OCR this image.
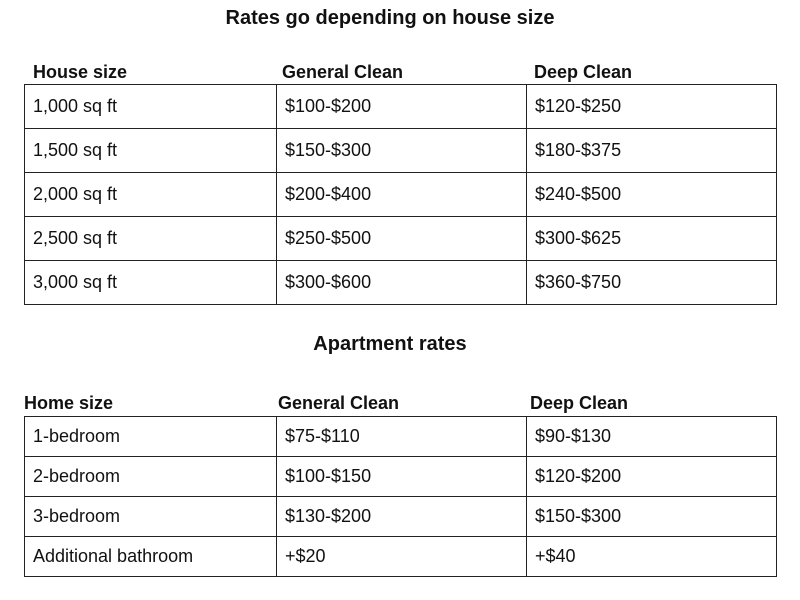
Rates go depending on house size
House size	General Clean	Deep Clean
1,000 sq ft	$100-$200	$120-$250
1,500 sq ft	$150-$300	$180-$375
2,000 sq ft	$200-$400	$240-$500
2,500 sq ft	$250-$500	$300-$625
3,000 sq ft	$300-$600	$360-$750
Apartment rates
Home size	General Clean	Deep Clean
1-bedroom	$75-$110	$90-$130
2-bedroom	$100-$150	$120-$200
3-bedroom	$130-$200	$150-$300
Additional bathroom	+$20	+$40
